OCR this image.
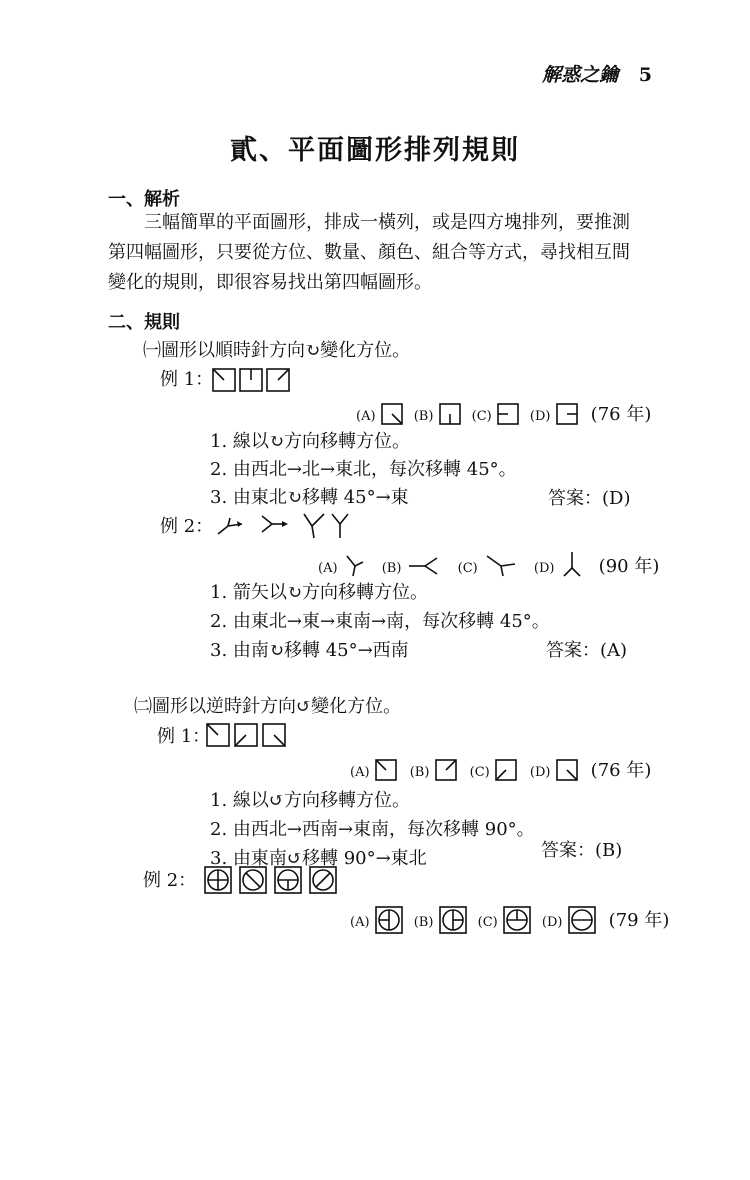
解惑之鑰 5
貳、平面圖形排列規則
一、解析
三幅簡單的平面圖形，排成一橫列，或是四方塊排列，要推測
第四幅圖形，只要從方位、數量、顏色、組合等方式，尋找相互間
變化的規則，即很容易找出第四幅圖形。
二、規則
㈠圖形以順時針方向↻變化方位。
例 1：
(A)	(B)	(C)	(D) (76 年)
1. 線以↻方向移轉方位。
2. 由西北→北→東北，每次移轉 45°。
3. 由東北↻移轉 45°→東	答案：(D)
例 2：
(A)	(B)	(C)	(D) (90 年)
1. 箭矢以↻方向移轉方位。
2. 由東北→東→東南→南，每次移轉 45°。
3. 由南↻移轉 45°→西南	答案：(A)
㈡圖形以逆時針方向↺變化方位。
例 1：
(A)	(B)	(C)	(D) (76 年)
1. 線以↺方向移轉方位。
2. 由西北→西南→東南，每次移轉 90°。
3. 由東南↺移轉 90°→東北	答案：(B)
例 2：
(A)	(B)	(C)	(D)	(79 年)
